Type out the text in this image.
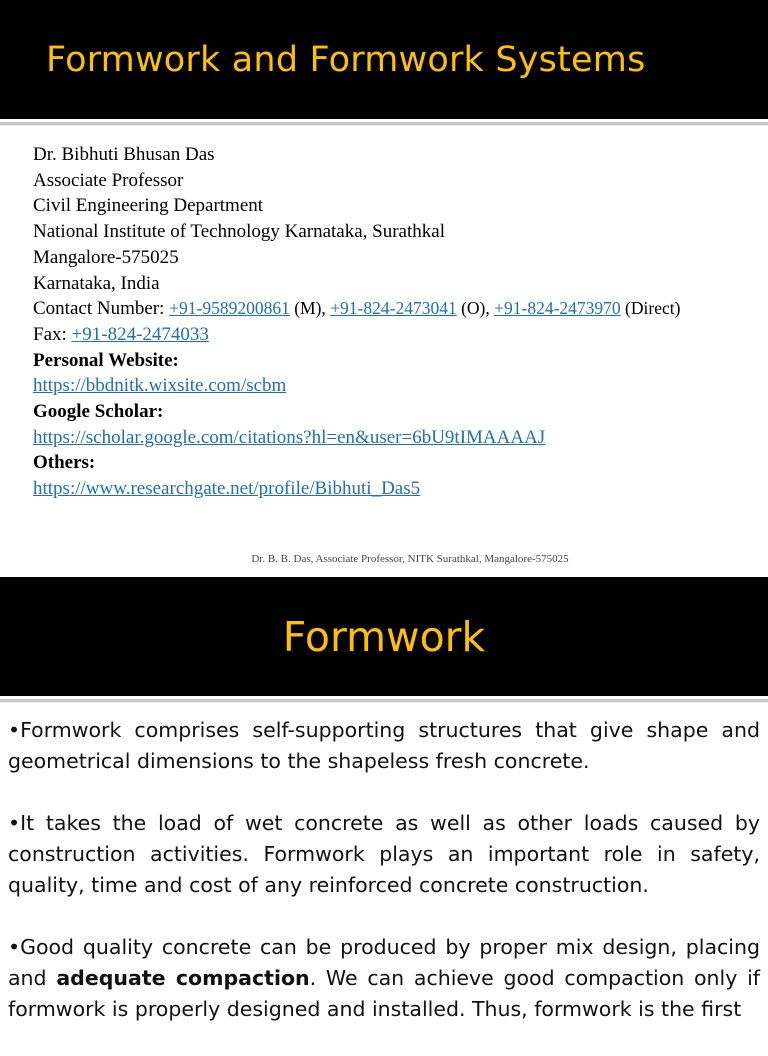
Formwork and Formwork Systems
Dr. Bibhuti Bhusan Das
Associate Professor
Civil Engineering Department
National Institute of Technology Karnataka, Surathkal
Mangalore-575025
Karnataka, India
Contact Number: +91-9589200861 (M), +91-824-2473041 (O), +91-824-2473970 (Direct)
Fax: +91-824-2474033
Personal Website:
https://bbdnitk.wixsite.com/scbm
Google Scholar:
https://scholar.google.com/citations?hl=en&user=6bU9tIMAAAAJ
Others:
https://www.researchgate.net/profile/Bibhuti_Das5
Dr. B. B. Das, Associate Professor, NITK Surathkal, Mangalore-575025
Formwork

•Formwork comprises self-supporting structures that give shape and geometrical dimensions to the shapeless fresh concrete.

•It takes the load of wet concrete as well as other loads caused by construction activities. Formwork plays an important role in safety, quality, time and cost of any reinforced concrete construction.

•Good quality concrete can be produced by proper mix design, placing and adequate compaction. We can achieve good compaction only if formwork is properly designed and installed. Thus, formwork is the first
